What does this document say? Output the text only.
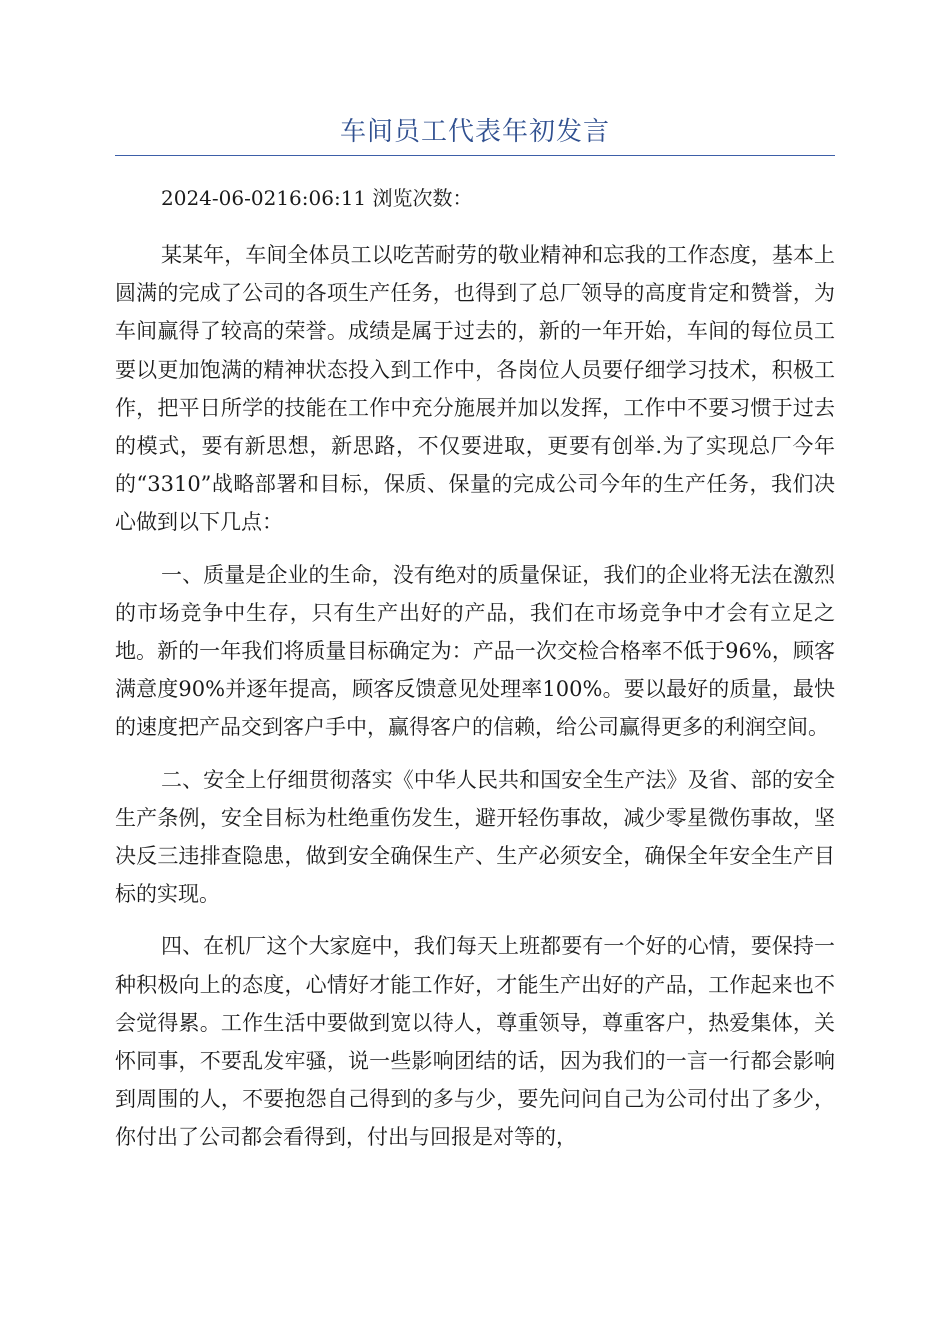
车间员工代表年初发言
2024-06-0216:06:11 浏览次数：

某某年，车间全体员工以吃苦耐劳的敬业精神和忘我的工作态度，基本上圆满的完成了公司的各项生产任务，也得到了总厂领导的高度肯定和赞誉，为车间赢得了较高的荣誉。成绩是属于过去的，新的一年开始，车间的每位员工要以更加饱满的精神状态投入到工作中，各岗位人员要仔细学习技术，积极工作，把平日所学的技能在工作中充分施展并加以发挥，工作中不要习惯于过去的模式，要有新思想，新思路，不仅要进取，更要有创举.为了实现总厂今年的“3310”战略部署和目标，保质、保量的完成公司今年的生产任务，我们决心做到以下几点：

一、质量是企业的生命，没有绝对的质量保证，我们的企业将无法在激烈的市场竞争中生存，只有生产出好的产品，我们在市场竞争中才会有立足之地。新的一年我们将质量目标确定为：产品一次交检合格率不低于96%，顾客满意度90%并逐年提高，顾客反馈意见处理率100%。要以最好的质量，最快的速度把产品交到客户手中，赢得客户的信赖，给公司赢得更多的利润空间。

二、安全上仔细贯彻落实《中华人民共和国安全生产法》及省、部的安全生产条例，安全目标为杜绝重伤发生，避开轻伤事故，减少零星微伤事故，坚决反三违排查隐患，做到安全确保生产、生产必须安全，确保全年安全生产目标的实现。

四、在机厂这个大家庭中，我们每天上班都要有一个好的心情，要保持一种积极向上的态度，心情好才能工作好，才能生产出好的产品，工作起来也不会觉得累。工作生活中要做到宽以待人，尊重领导，尊重客户，热爱集体，关怀同事，不要乱发牢骚，说一些影响团结的话，因为我们的一言一行都会影响到周围的人，不要抱怨自己得到的多与少，要先问问自己为公司付出了多少，你付出了公司都会看得到，付出与回报是对等的，
